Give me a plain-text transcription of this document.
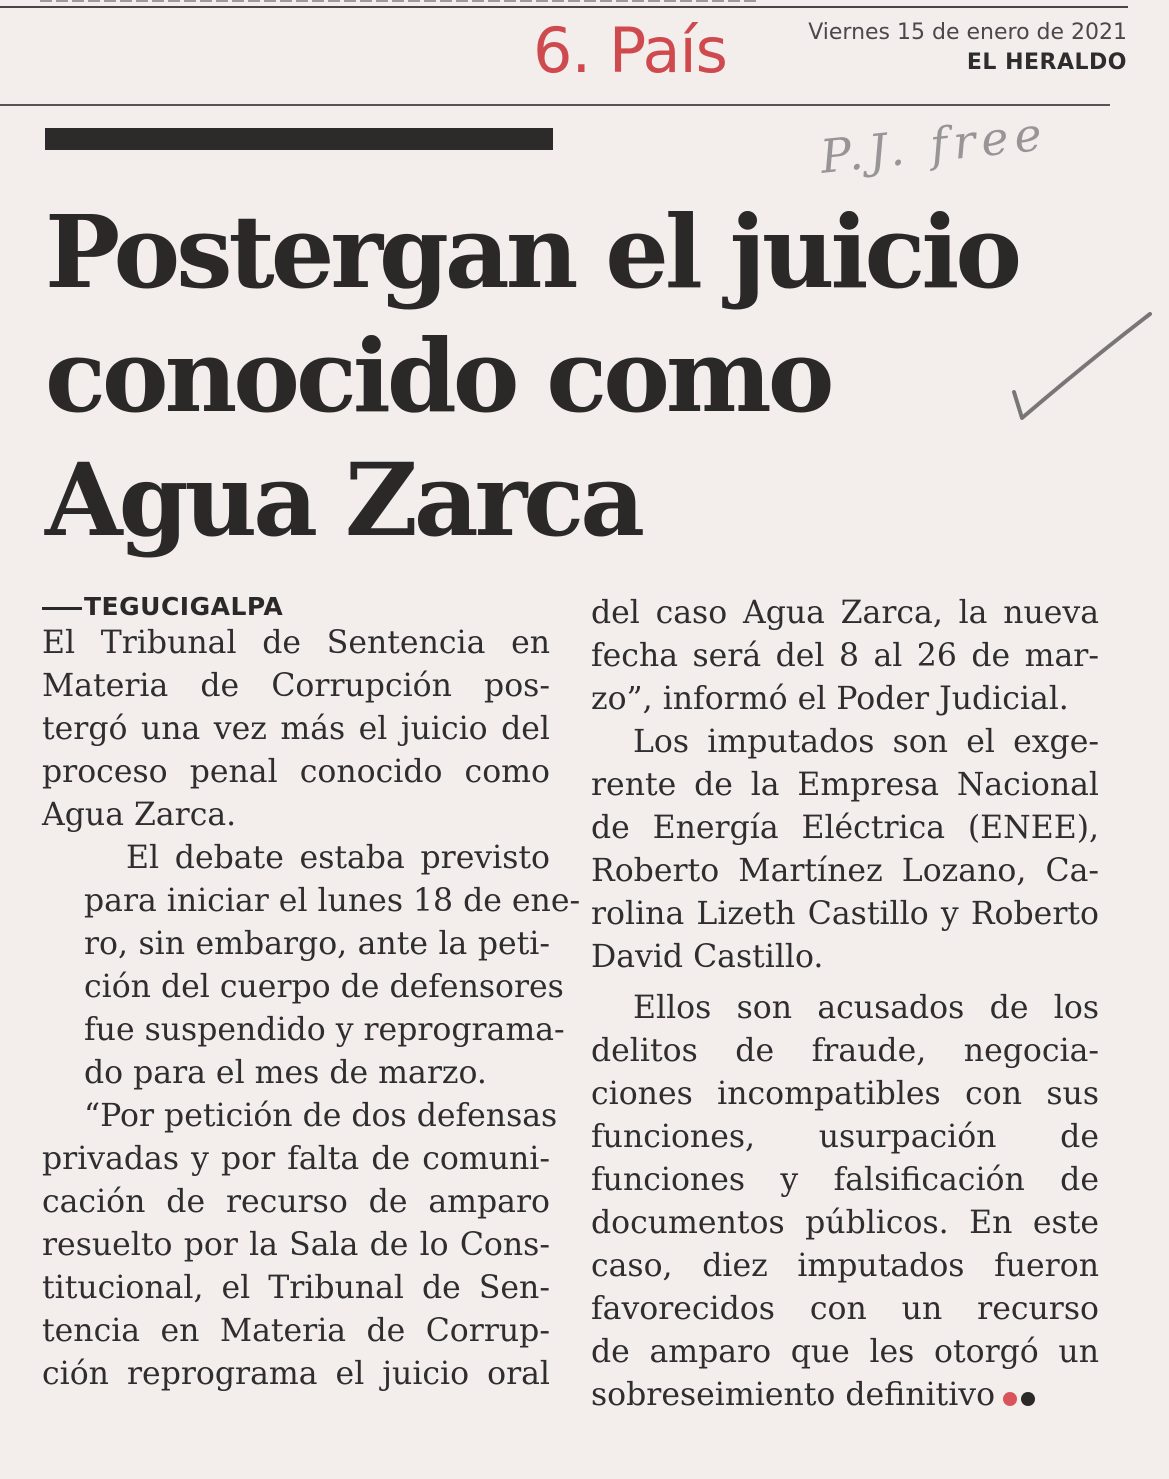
6. País	Viernes 15 de enero de 2021
EL HERALDO
P.J. free
Postergan el juicio
conocido como
Agua Zarca
TEGUCIGALPA

El Tribunal de Sentencia en
Materia de Corrupción pos-
tergó una vez más el juicio del
proceso penal conocido como
Agua Zarca.

El debate estaba previsto
para iniciar el lunes 18 de ene-
ro, sin embargo, ante la peti-
ción del cuerpo de defensores
fue suspendido y reprograma-
do para el mes de marzo.

“Por petición de dos defensas
privadas y por falta de comuni-
cación de recurso de amparo
resuelto por la Sala de lo Cons-
titucional, el Tribunal de Sen-
tencia en Materia de Corrup-
ción reprograma el juicio oral

del caso Agua Zarca, la nueva
fecha será del 8 al 26 de mar-
zo”, informó el Poder Judicial.

Los imputados son el exge-
rente de la Empresa Nacional
de Energía Eléctrica (ENEE),
Roberto Martínez Lozano, Ca-
rolina Lizeth Castillo y Roberto
David Castillo.

Ellos son acusados de los
delitos de fraude, negocia-
ciones incompatibles con sus
funciones, usurpación de
funciones y falsificación de
documentos públicos. En este
caso, diez imputados fueron
favorecidos con un recurso
de amparo que les otorgó un
sobreseimiento definitivo
